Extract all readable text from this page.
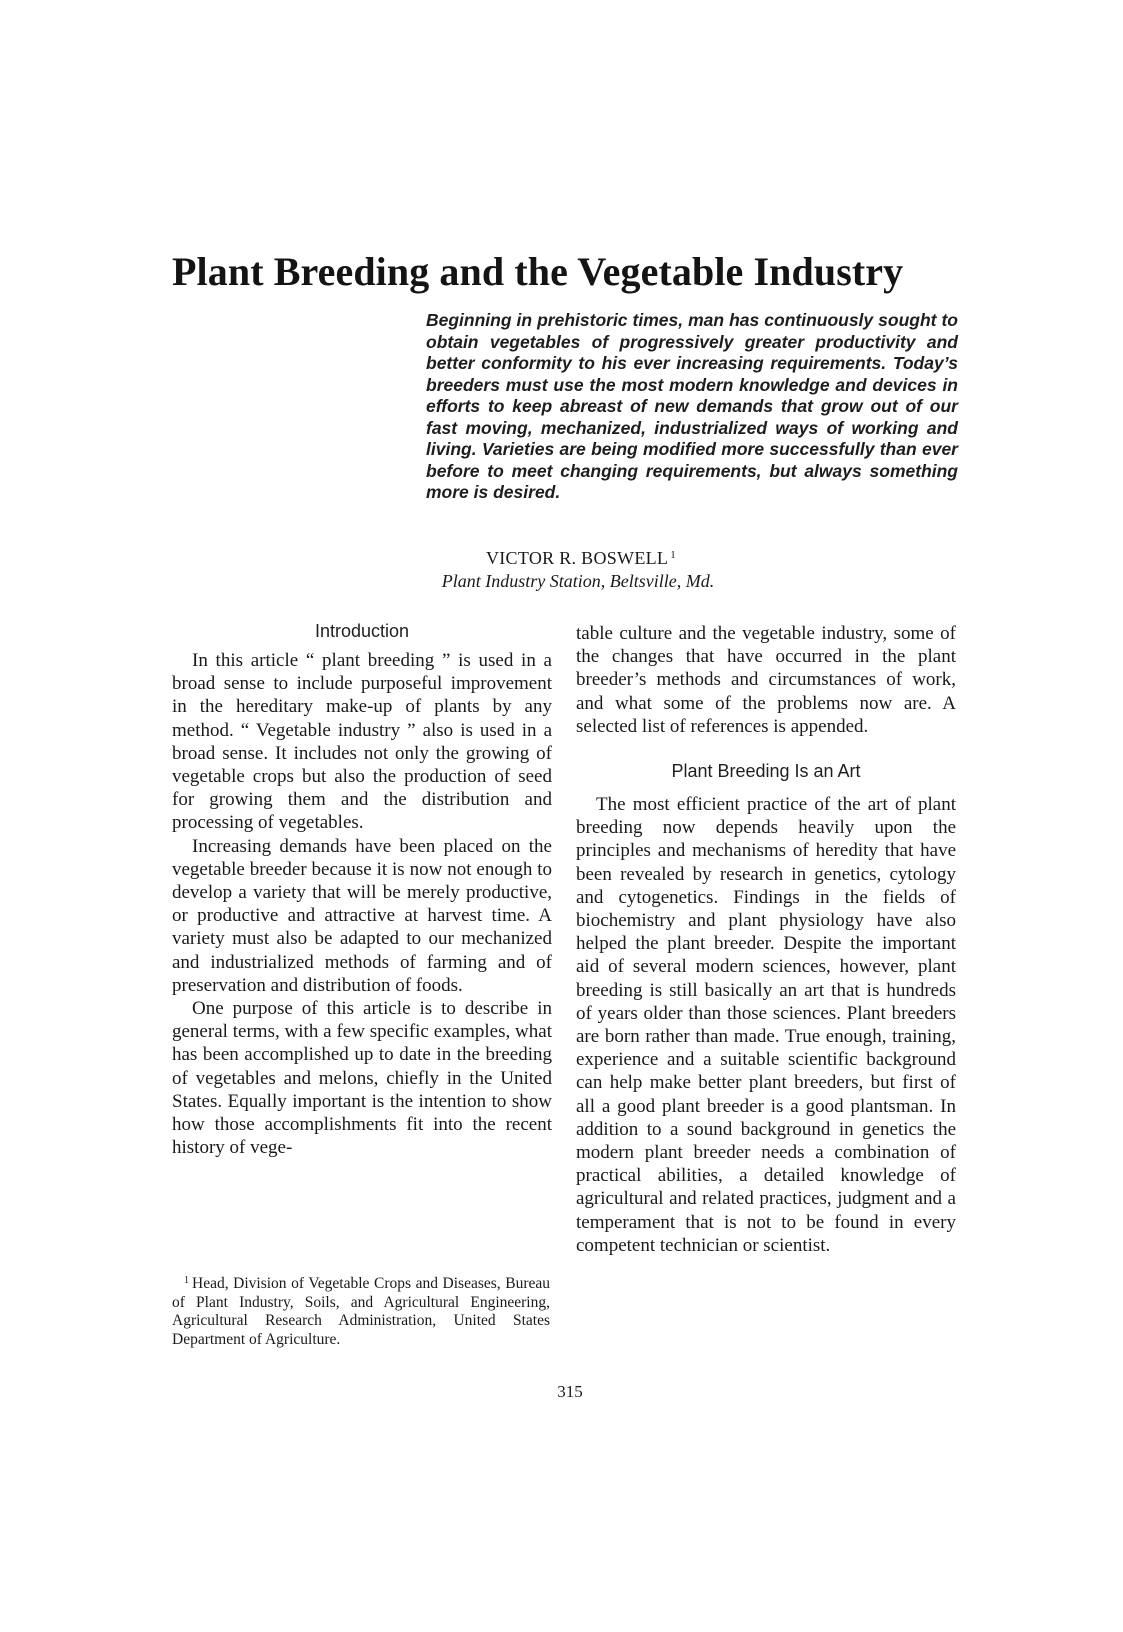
Plant Breeding and the Vegetable Industry

Beginning in prehistoric times, man has continuously sought to obtain vegetables of progressively greater productivity and better conformity to his ever increasing requirements. Today’s breeders must use the most modern knowledge and devices in efforts to keep abreast of new demands that grow out of our fast moving, mechanized, industrialized ways of working and living. Varieties are being modified more successfully than ever before to meet changing requirements, but always something more is desired.

VICTOR R. BOSWELL $^1$
Plant Industry Station, Beltsville, Md.
Introduction

In this article “ plant breeding ” is used in a broad sense to include purposeful improvement in the hereditary make-up of plants by any method. “ Vegetable industry ” also is used in a broad sense. It includes not only the growing of vegetable crops but also the production of seed for growing them and the distribution and processing of vegetables.

Increasing demands have been placed on the vegetable breeder because it is now not enough to develop a variety that will be merely productive, or productive and attractive at harvest time. A variety must also be adapted to our mechanized and industrialized methods of farming and of preservation and distribution of foods.

One purpose of this article is to describe in general terms, with a few specific examples, what has been accomplished up to date in the breeding of vegetables and melons, chiefly in the United States. Equally important is the intention to show how those accomplishments fit into the recent history of vege-

table culture and the vegetable industry, some of the changes that have occurred in the plant breeder’s methods and circumstances of work, and what some of the problems now are. A selected list of references is appended.

Plant Breeding Is an Art

The most efficient practice of the art of plant breeding now depends heavily upon the principles and mechanisms of heredity that have been revealed by research in genetics, cytology and cytogenetics. Findings in the fields of biochemistry and plant physiology have also helped the plant breeder. Despite the important aid of several modern sciences, however, plant breeding is still basically an art that is hundreds of years older than those sciences. Plant breeders are born rather than made. True enough, training, experience and a suitable scientific background can help make better plant breeders, but first of all a good plant breeder is a good plantsman. In addition to a sound background in genetics the modern plant breeder needs a combination of practical abilities, a detailed knowledge of agricultural and related practices, judgment and a temperament that is not to be found in every competent technician or scientist.

$^1$ Head, Division of Vegetable Crops and Diseases, Bureau of Plant Industry, Soils, and Agricultural Engineering, Agricultural Research Administration, United States Department of Agriculture.
315
